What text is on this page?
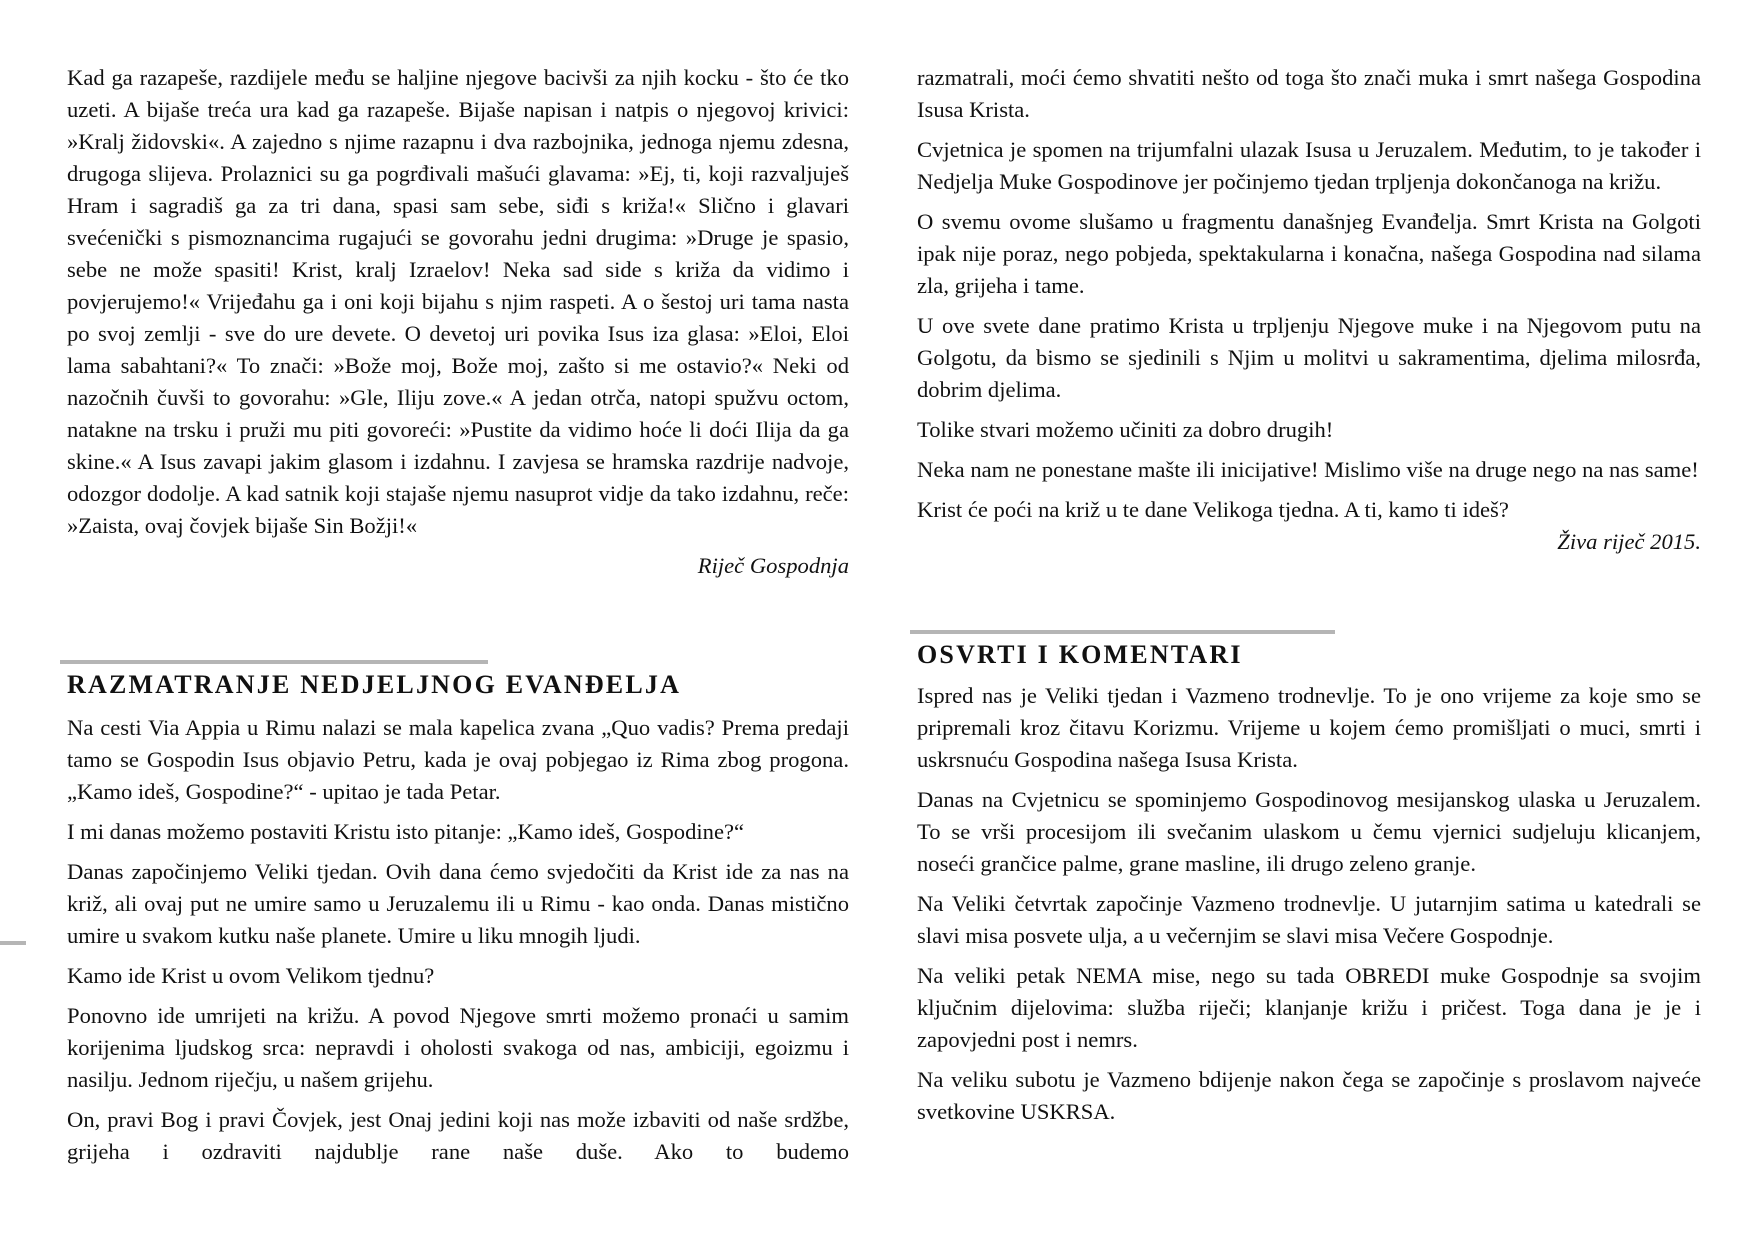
Kad ga razapeše, razdijele među se haljine njegove bacivši za njih kocku - što će tko uzeti. A bijaše treća ura kad ga razapeše. Bijaše napisan i natpis o njegovoj krivici: »Kralj židovski«. A zajedno s njime razapnu i dva razbojnika, jednoga njemu zdesna, drugoga slijeva. Prolaznici su ga pogrđivali mašući glavama: »Ej, ti, koji razvaljuješ Hram i sagradiš ga za tri dana, spasi sam sebe, siđi s križa!« Slično i glavari svećenički s pismoznancima rugajući se govorahu jedni drugima: »Druge je spasio, sebe ne može spasiti! Krist, kralj Izraelov! Neka sad side s križa da vidimo i povjerujemo!« Vrijeđahu ga i oni koji bijahu s njim raspeti. A o šestoj uri tama nasta po svoj zemlji - sve do ure devete. O devetoj uri povika Isus iza glasa: »Eloi, Eloi lama sabahtani?« To znači: »Bože moj, Bože moj, zašto si me ostavio?« Neki od nazočnih čuvši to govorahu: »Gle, Iliju zove.« A jedan otrča, natopi spužvu octom, natakne na trsku i pruži mu piti govoreći: »Pustite da vidimo hoće li doći Ilija da ga skine.« A Isus zavapi jakim glasom i izdahnu. I zavjesa se hramska razdrije nadvoje, odozgor dodolje. A kad satnik koji stajaše njemu nasuprot vidje da tako izdahnu, reče: »Zaista, ovaj čovjek bijaše Sin Božji!«

Riječ Gospodnja

RAZMATRANJE NEDJELJNOG EVANĐELJA

Na cesti Via Appia u Rimu nalazi se mala kapelica zvana „Quo vadis? Prema predaji tamo se Gospodin Isus objavio Petru, kada je ovaj pobjegao iz Rima zbog progona. „Kamo ideš, Gospodine?“ - upitao je tada Petar.

I mi danas možemo postaviti Kristu isto pitanje: „Kamo ideš, Gospodine?“

Danas započinjemo Veliki tjedan. Ovih dana ćemo svjedočiti da Krist ide za nas na križ, ali ovaj put ne umire samo u Jeruzalemu ili u Rimu - kao onda. Danas mistično umire u svakom kutku naše planete. Umire u liku mnogih ljudi.

Kamo ide Krist u ovom Velikom tjednu?

Ponovno ide umrijeti na križu. A povod Njegove smrti možemo pronaći u samim korijenima ljudskog srca: nepravdi i oholosti svakoga od nas, ambiciji, egoizmu i nasilju. Jednom riječju, u našem grijehu.

On, pravi Bog i pravi Čovjek, jest Onaj jedini koji nas može izbaviti od naše srdžbe, grijeha i ozdraviti najdublje rane naše duše. Ako to budemo

razmatrali, moći ćemo shvatiti nešto od toga što znači muka i smrt našega Gospodina Isusa Krista.

Cvjetnica je spomen na trijumfalni ulazak Isusa u Jeruzalem. Međutim, to je također i Nedjelja Muke Gospodinove jer počinjemo tjedan trpljenja dokončanoga na križu.

O svemu ovome slušamo u fragmentu današnjeg Evanđelja. Smrt Krista na Golgoti ipak nije poraz, nego pobjeda, spektakularna i konačna, našega Gospodina nad silama zla, grijeha i tame.

U ove svete dane pratimo Krista u trpljenju Njegove muke i na Njegovom putu na Golgotu, da bismo se sjedinili s Njim u molitvi u sakramentima, djelima milosrđa, dobrim djelima.

Tolike stvari možemo učiniti za dobro drugih!

Neka nam ne ponestane mašte ili inicijative! Mislimo više na druge nego na nas same!

Krist će poći na križ u te dane Velikoga tjedna. A ti, kamo ti ideš?

Živa riječ 2015.

OSVRTI I KOMENTARI

Ispred nas je Veliki tjedan i Vazmeno trodnevlje. To je ono vrijeme za koje smo se pripremali kroz čitavu Korizmu. Vrijeme u kojem ćemo promišljati o muci, smrti i uskrsnuću Gospodina našega Isusa Krista.

Danas na Cvjetnicu se spominjemo Gospodinovog mesijanskog ulaska u Jeruzalem. To se vrši procesijom ili svečanim ulaskom u čemu vjernici sudjeluju klicanjem, noseći grančice palme, grane masline, ili drugo zeleno granje.

Na Veliki četvrtak započinje Vazmeno trodnevlje. U jutarnjim satima u katedrali se slavi misa posvete ulja, a u večernjim se slavi misa Večere Gospodnje.

Na veliki petak NEMA mise, nego su tada OBREDI muke Gospodnje sa svojim ključnim dijelovima: služba riječi; klanjanje križu i pričest. Toga dana je je i zapovjedni post i nemrs.

Na veliku subotu je Vazmeno bdijenje nakon čega se započinje s proslavom najveće svetkovine USKRSA.
